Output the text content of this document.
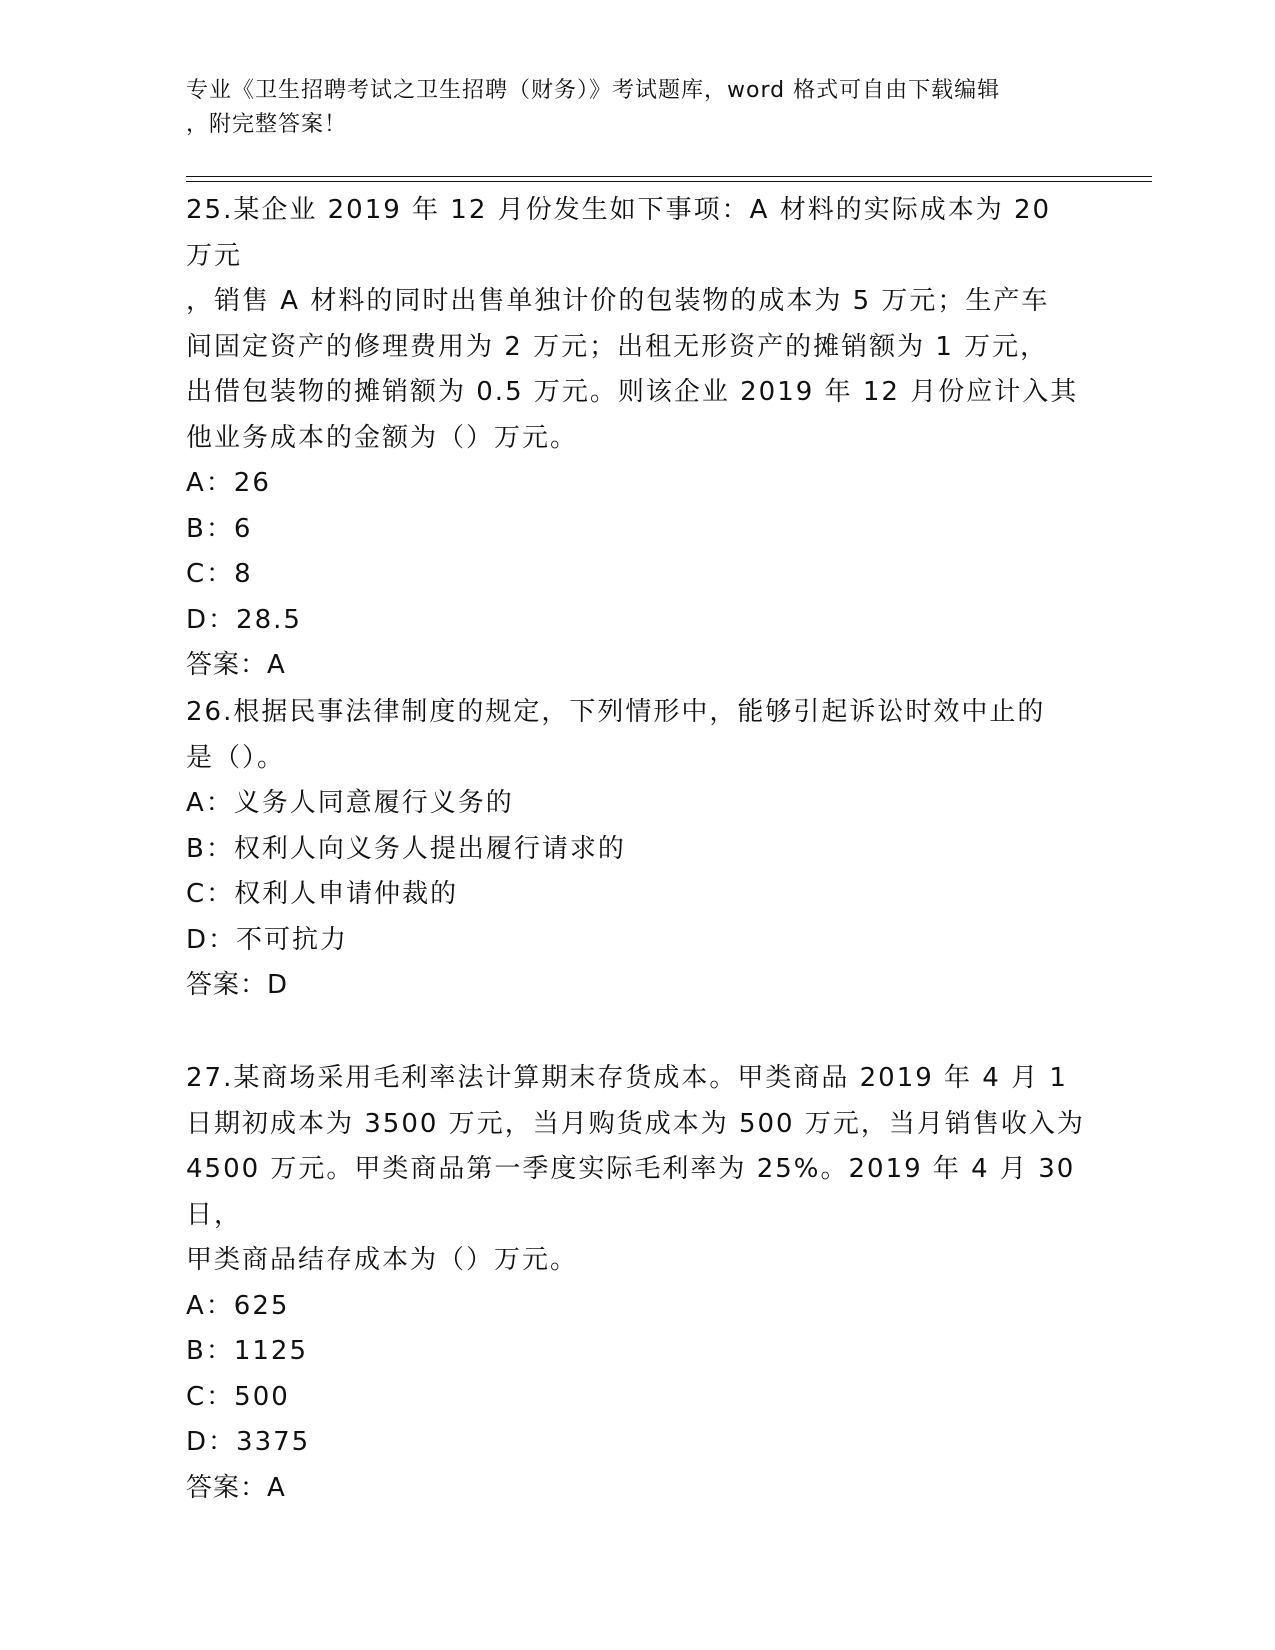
专业《卫生招聘考试之卫生招聘（财务）》考试题库，word 格式可自由下载编辑
，附完整答案！
25.某企业 2019 年 12 月份发生如下事项：A 材料的实际成本为 20 万元
，销售 A 材料的同时出售单独计价的包装物的成本为 5 万元；生产车
间固定资产的修理费用为 2 万元；出租无形资产的摊销额为 1 万元，
出借包装物的摊销额为 0.5 万元。则该企业 2019 年 12 月份应计入其
他业务成本的金额为（）万元。
A：26
B：6
C：8
D：28.5
答案：A
26.根据民事法律制度的规定，下列情形中，能够引起诉讼时效中止的
是（）。
A：义务人同意履行义务的
B：权利人向义务人提出履行请求的
C：权利人申请仲裁的
D：不可抗力
答案：D
27.某商场采用毛利率法计算期末存货成本。甲类商品 2019 年 4 月 1
日期初成本为 3500 万元，当月购货成本为 500 万元，当月销售收入为
4500 万元。甲类商品第一季度实际毛利率为 25%。2019 年 4 月 30 日，
甲类商品结存成本为（）万元。
A：625
B：1125
C：500
D：3375
答案：A
